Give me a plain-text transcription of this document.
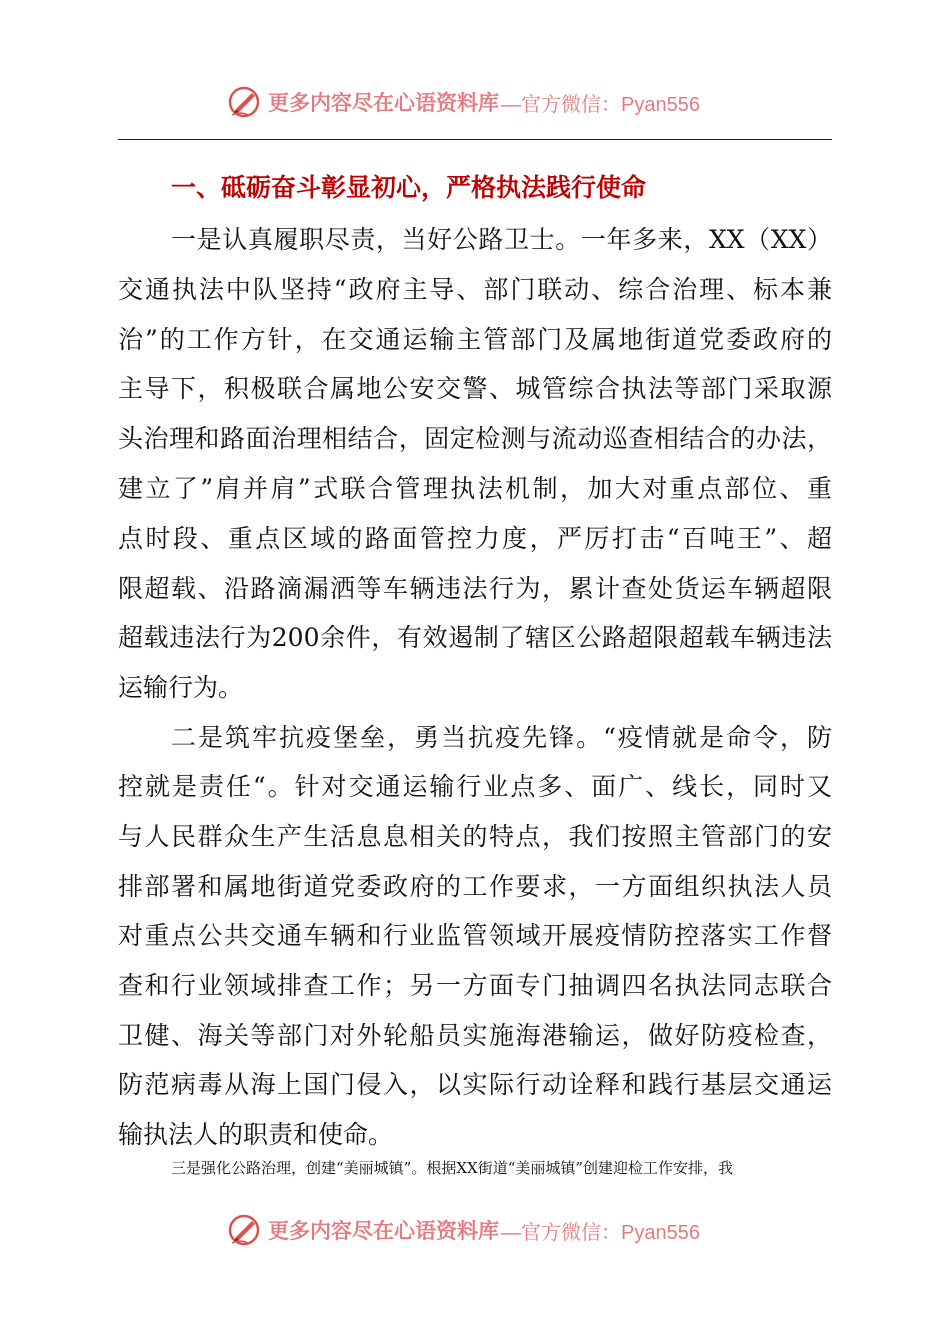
更多内容尽在心语资料库 —官方微信：Pyan556
一、砥砺奋斗彰显初心，严格执法践行使命
一是认真履职尽责，当好公路卫士。一年多来，XX（XX）
交通执法中队坚持“政府主导、部门联动、综合治理、标本兼
治”的工作方针，在交通运输主管部门及属地街道党委政府的
主导下，积极联合属地公安交警、城管综合执法等部门采取源
头治理和路面治理相结合，固定检测与流动巡查相结合的办法，
建立了”肩并肩”式联合管理执法机制，加大对重点部位、重
点时段、重点区域的路面管控力度，严厉打击“百吨王”、超
限超载、沿路滴漏洒等车辆违法行为，累计查处货运车辆超限
超载违法行为200余件，有效遏制了辖区公路超限超载车辆违法
运输行为。
二是筑牢抗疫堡垒，勇当抗疫先锋。“疫情就是命令，防
控就是责任“。针对交通运输行业点多、面广、线长，同时又
与人民群众生产生活息息相关的特点，我们按照主管部门的安
排部署和属地街道党委政府的工作要求，一方面组织执法人员
对重点公共交通车辆和行业监管领域开展疫情防控落实工作督
查和行业领域排查工作；另一方面专门抽调四名执法同志联合
卫健、海关等部门对外轮船员实施海港输运，做好防疫检查，
防范病毒从海上国门侵入，以实际行动诠释和践行基层交通运
输执法人的职责和使命。
三是强化公路治理，创建“美丽城镇”。根据XX街道“美丽城镇”创建迎检工作安排，我
更多内容尽在心语资料库 —官方微信：Pyan556
